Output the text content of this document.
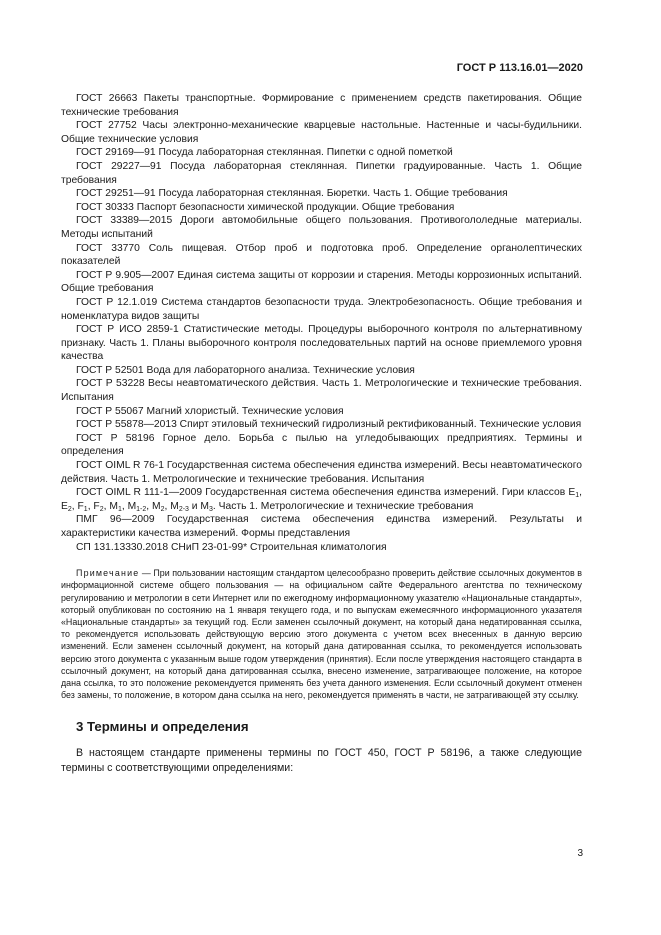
ГОСТ Р 113.16.01—2020

ГОСТ 26663 Пакеты транспортные. Формирование с применением средств пакетирования. Общие технические требования

ГОСТ 27752 Часы электронно-механические кварцевые настольные. Настенные и часы-будильники. Общие технические условия

ГОСТ 29169—91 Посуда лабораторная стеклянная. Пипетки с одной пометкой

ГОСТ 29227—91 Посуда лабораторная стеклянная. Пипетки градуированные. Часть 1. Общие требования

ГОСТ 29251—91 Посуда лабораторная стеклянная. Бюретки. Часть 1. Общие требования

ГОСТ 30333 Паспорт безопасности химической продукции. Общие требования

ГОСТ 33389—2015 Дороги автомобильные общего пользования. Противогололедные материалы. Методы испытаний

ГОСТ 33770 Соль пищевая. Отбор проб и подготовка проб. Определение органолептических показателей

ГОСТ Р 9.905—2007 Единая система защиты от коррозии и старения. Методы коррозионных испытаний. Общие требования

ГОСТ Р 12.1.019 Система стандартов безопасности труда. Электробезопасность. Общие требования и номенклатура видов защиты

ГОСТ Р ИСО 2859-1 Статистические методы. Процедуры выборочного контроля по альтернативному признаку. Часть 1. Планы выборочного контроля последовательных партий на основе приемлемого уровня качества

ГОСТ Р 52501 Вода для лабораторного анализа. Технические условия

ГОСТ Р 53228 Весы неавтоматического действия. Часть 1. Метрологические и технические требования. Испытания

ГОСТ Р 55067 Магний хлористый. Технические условия

ГОСТ Р 55878—2013 Спирт этиловый технический гидролизный ректификованный. Технические условия

ГОСТ Р 58196 Горное дело. Борьба с пылью на угледобывающих предприятиях. Термины и определения

ГОСТ OIML R 76-1 Государственная система обеспечения единства измерений. Весы неавтоматического действия. Часть 1. Метрологические и технические требования. Испытания

ГОСТ OIML R 111-1—2009 Государственная система обеспечения единства измерений. Гири классов $E_1$, $E_2$, $F_1$, $F_2$, $M_1$, $M_{1-2}$, $M_2$, $M_{2-3}$ и $M_3$. Часть 1. Метрологические и технические требования

ПМГ 96—2009 Государственная система обеспечения единства измерений. Результаты и характеристики качества измерений. Формы представления

СП 131.13330.2018 СНиП 23-01-99* Строительная климатология

Примечание — При пользовании настоящим стандартом целесообразно проверить действие ссылочных документов в информационной системе общего пользования — на официальном сайте Федерального агентства по техническому регулированию и метрологии в сети Интернет или по ежегодному информационному указателю «Национальные стандарты», который опубликован по состоянию на 1 января текущего года, и по выпускам ежемесячного информационного указателя «Национальные стандарты» за текущий год. Если заменен ссылочный документ, на который дана недатированная ссылка, то рекомендуется использовать действующую версию этого документа с учетом всех внесенных в данную версию изменений. Если заменен ссылочный документ, на который дана датированная ссылка, то рекомендуется использовать версию этого документа с указанным выше годом утверждения (принятия). Если после утверждения настоящего стандарта в ссылочный документ, на который дана датированная ссылка, внесено изменение, затрагивающее положение, на которое дана ссылка, то это положение рекомендуется применять без учета данного изменения. Если ссылочный документ отменен без замены, то положение, в котором дана ссылка на него, рекомендуется применять в части, не затрагивающей эту ссылку.

3 Термины и определения

В настоящем стандарте применены термины по ГОСТ 450, ГОСТ Р 58196, а также следующие термины с соответствующими определениями:

3
